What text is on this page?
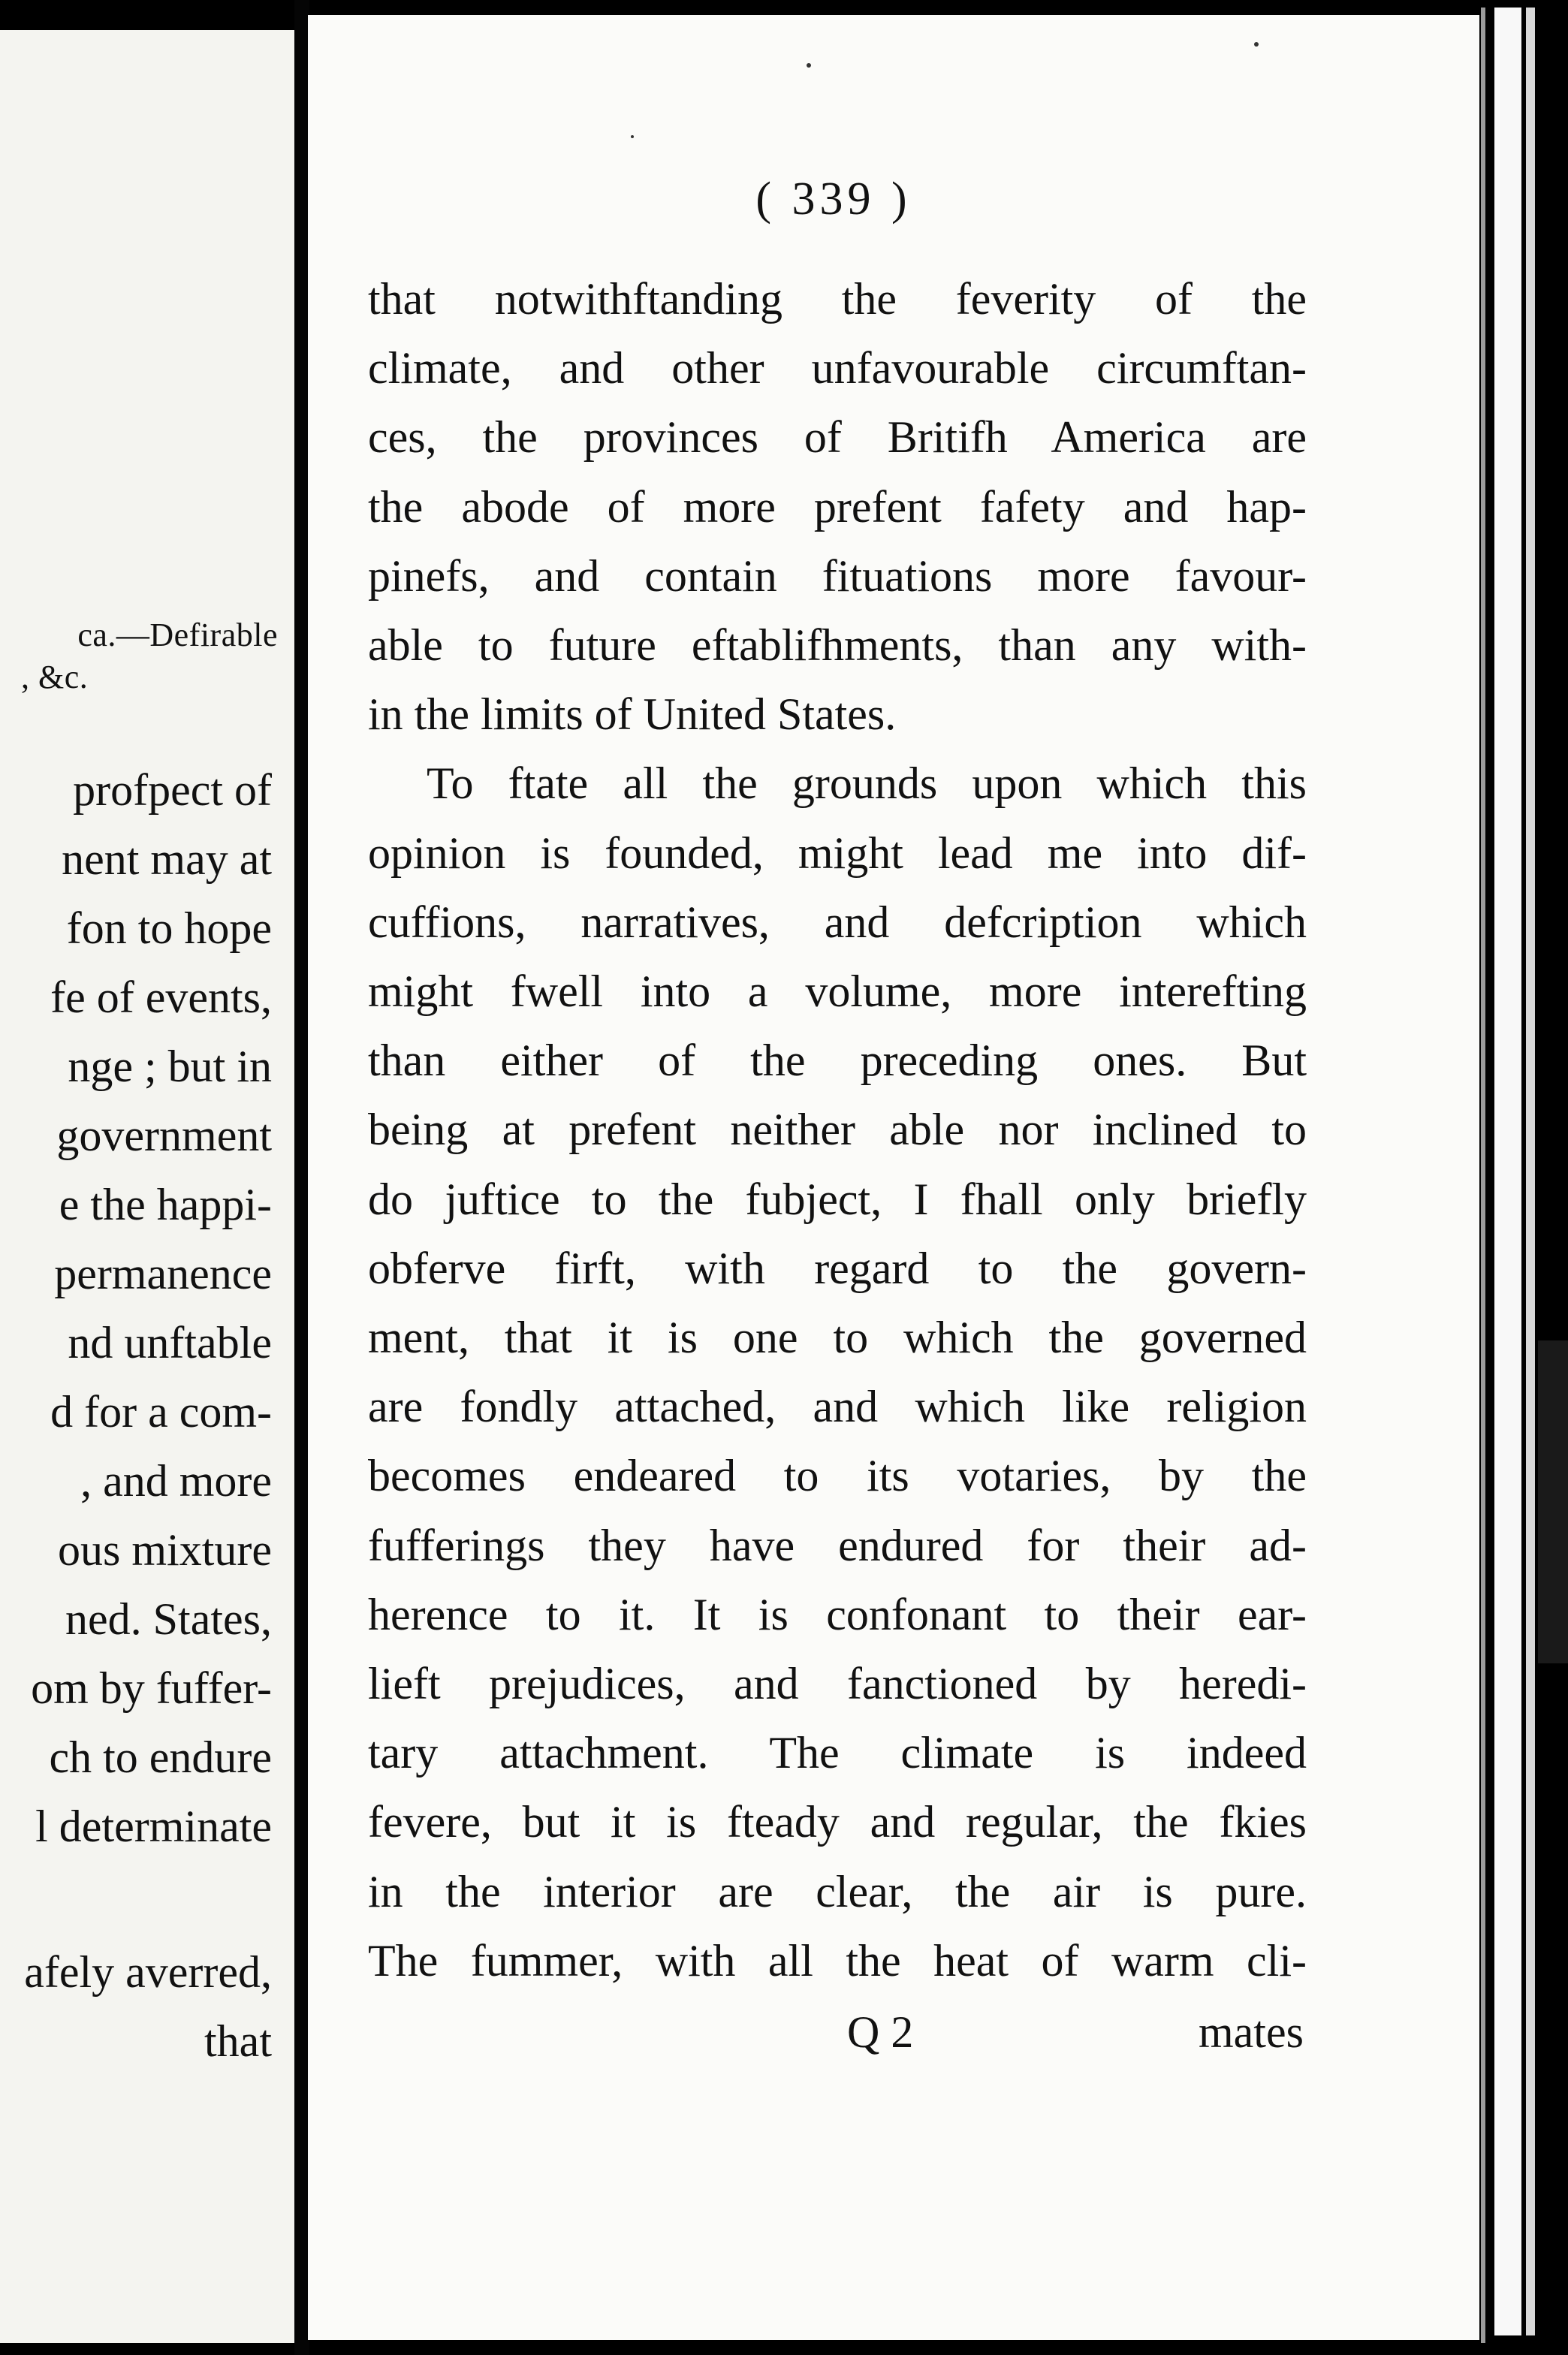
ca.—Defirable
, &c.
profpect of
nent may at
fon to hope
fe of events,
nge ; but in
government
e the happi-
permanence
nd unftable
d for a com-
, and more
ous mixture
ned. States,
om by fuffer-
ch to endure
l determinate
afely averred,
that
( 339 )
that notwithftanding the feverity of the
climate, and other unfavourable circumftan-
ces, the provinces of Britifh America are
the abode of more prefent fafety and hap-
pinefs, and contain fituations more favour-
able to future eftablifhments, than any with-
in the limits of United States.
To ftate all the grounds upon which this
opinion is founded, might lead me into dif-
cuffions, narratives, and defcription which
might fwell into a volume, more interefting
than either of the preceding ones. But
being at prefent neither able nor inclined to
do juftice to the fubject, I fhall only briefly
obferve firft, with regard to the govern-
ment, that it is one to which the governed
are fondly attached, and which like religion
becomes endeared to its votaries, by the
fufferings they have endured for their ad-
herence to it. It is confonant to their ear-
lieft prejudices, and fanctioned by heredi-
tary attachment. The climate is indeed
fevere, but it is fteady and regular, the fkies
in the interior are clear, the air is pure.
The fummer, with all the heat of warm cli-
Q 2	mates
